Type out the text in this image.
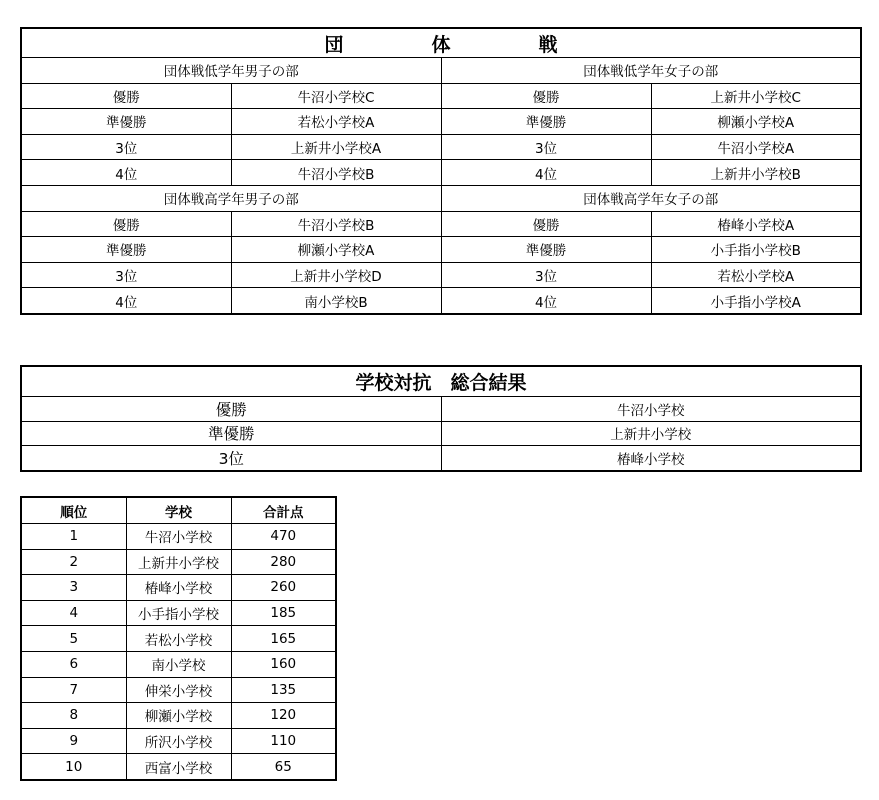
団 体 戦			
団体戦低学年男子の部		団体戦低学年女子の部	
優勝	牛沼小学校C	優勝	上新井小学校C
準優勝	若松小学校A	準優勝	柳瀬小学校A
3位	上新井小学校A	3位	牛沼小学校A
4位	牛沼小学校B	4位	上新井小学校B
団体戦高学年男子の部		団体戦高学年女子の部	
優勝	牛沼小学校B	優勝	椿峰小学校A
準優勝	柳瀬小学校A	準優勝	小手指小学校B
3位	上新井小学校D	3位	若松小学校A
4位	南小学校B	4位	小手指小学校A
学校対抗　総合結果	
優勝	牛沼小学校
準優勝	上新井小学校
3位	椿峰小学校
順位	学校	合計点
1	牛沼小学校	470
2	上新井小学校	280
3	椿峰小学校	260
4	小手指小学校	185
5	若松小学校	165
6	南小学校	160
7	伸栄小学校	135
8	柳瀬小学校	120
9	所沢小学校	110
10	西富小学校	65
